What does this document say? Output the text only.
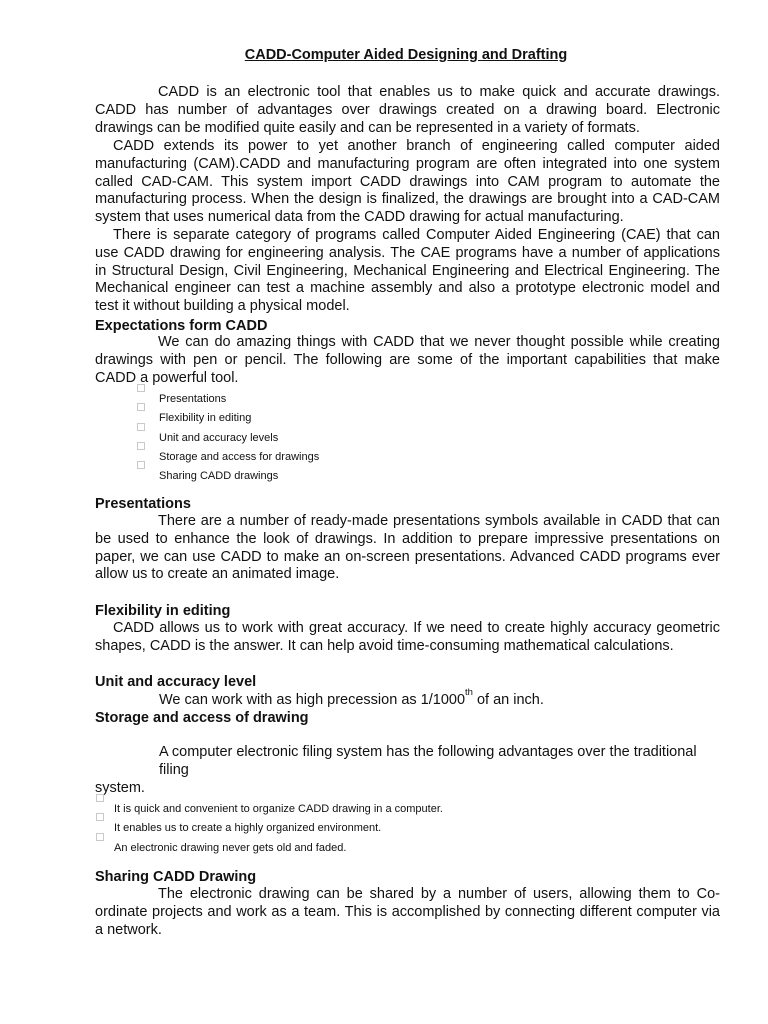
CADD-Computer Aided Designing and Drafting

CADD is an electronic tool that enables us to make quick and accurate drawings. CADD has number of advantages over drawings created on a drawing board. Electronic drawings can be modified quite easily and can be represented in a variety of formats.

CADD extends its power to yet another branch of engineering called computer aided manufacturing (CAM).CADD and manufacturing program are often integrated into one system called CAD-CAM. This system import CADD drawings into CAM program to automate the manufacturing process. When the design is finalized, the drawings are brought into a CAD-CAM system that uses numerical data from the CADD drawing for actual manufacturing.

There is separate category of programs called Computer Aided Engineering (CAE) that can use CADD drawing for engineering analysis. The CAE programs have a number of applications in Structural Design, Civil Engineering, Mechanical Engineering and Electrical Engineering. The Mechanical engineer can test a machine assembly and also a prototype electronic model and test it without building a physical model.

Expectations form CADD

We can do amazing things with CADD that we never thought possible while creating drawings with pen or pencil. The following are some of the important capabilities that make CADD a powerful tool.

Presentations
Flexibility in editing
Unit and accuracy levels
Storage and access for drawings
Sharing CADD drawings
Presentations

There are a number of ready-made presentations symbols available in CADD that can be used to enhance the look of drawings. In addition to prepare impressive presentations on paper, we can use CADD to make an on-screen presentations. Advanced CADD programs ever allow us to create an animated image.

Flexibility in editing

CADD allows us to work with great accuracy. If we need to create highly accuracy geometric shapes, CADD is the answer. It can help avoid time-consuming mathematical calculations.

Unit and accuracy level
We can work with as high precession as 1/1000th of an inch.
Storage and access of drawing
A computer electronic filing system has the following advantages over the traditional
filing
system.
It is quick and convenient to organize CADD drawing in a computer.
It enables us to create a highly organized environment.
An electronic drawing never gets old and faded.
Sharing CADD Drawing

The electronic drawing can be shared by a number of users, allowing them to Co-ordinate projects and work as a team. This is accomplished by connecting different computer via a network.
